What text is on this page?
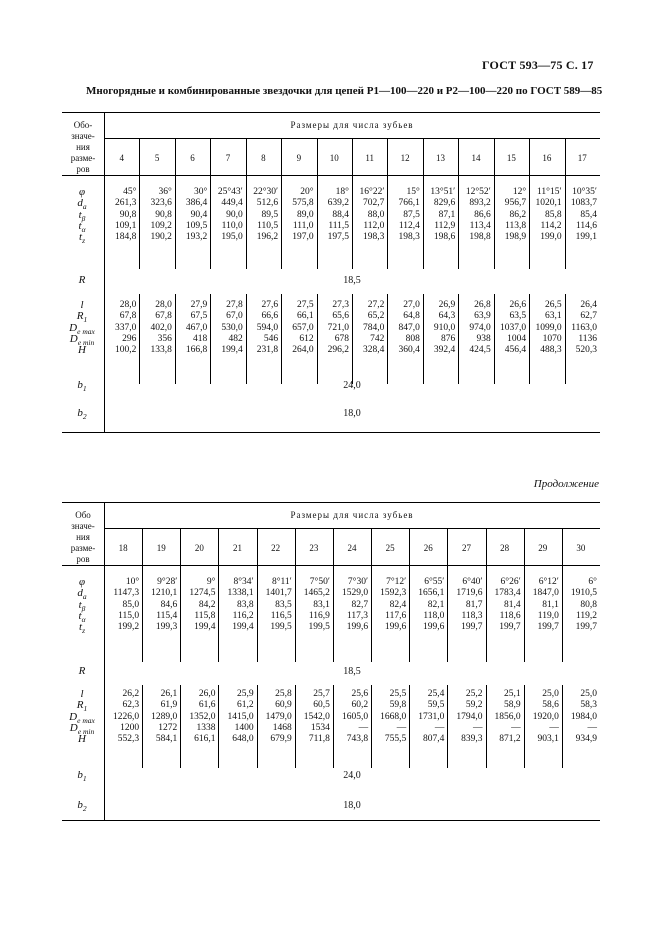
ГОСТ 593—75 С. 17
Многорядные и комбинированные звездочки для цепей Р1—100—220 и Р2—100—220 по ГОСТ 589—85
Продолжение
Обо-
значе-
ния
разме-
ров
Размеры для числа зубьев
4	5	6	7	8	9	10	11	12	13	14	15	16	17
φ	45°	36°	30°	25°43′	22°30′	20°	18°	16°22′	15°	13°51′	12°52′	12°	11°15′	10°35′
$d_a$	261,3	323,6	386,4	449,4	512,6	575,8	639,2	702,7	766,1	829,6	893,2	956,7 1020,1 1083,7
$t_\beta$	90,8	90,8	90,4	90,0	89,5	89,0	88,4	88,0	87,5	87,1	86,6	86,2	85,8	85,4
$t_\alpha$	109,1	109,2	109,5	110,0	110,5	111,0	111,5	112,0	112,4	112,9	113,4	113,8	114,2	114,6
$t_z$	184,8	190,2	193,2	195,0	196,2	197,0	197,5	198,3	198,3	198,6	198,8	198,9	199,0	199,1
R	18,5
l	28,0	28,0	27,9	27,8	27,6	27,5	27,3	27,2	27,0	26,9	26,8	26,6	26,5	26,4
$R_1$	67,8	67,8	67,5	67,0	66,6	66,1	65,6	65,2	64,8	64,3	63,9	63,5	63,1	62,7
$D_{e max}$	337,0	402,0	467,0	530,0	594,0	657,0	721,0	784,0	847,0	910,0	974,0 1037,0 1099,0	1163,0
$D_{e min}$	296	356	418	482	546	612	678	742	808	876	938	1004	1070	1136
H	100,2	133,8	166,8	199,4	231,8	264,0	296,2	328,4	360,4	392,4	424,5	456,4	488,3	520,3
$b_1$	24,0
$b_2$	18,0
Обо
значе-
ния
разме-
ров
Размеры для числа зубьев
18	19	20	21	22	23	24	25	26	27	28	29	30
φ	10°	9°28′	9°	8°34′	8°11′	7°50′	7°30′	7°12′	6°55′	6°40′	6°26′	6°12′	6°
$d_a$	1147,3	1210,1	1274,5	1338,1	1401,7	1465,2	1529,0	1592,3	1656,1	1719,6	1783,4	1847,0	1910,5
$t_\beta$	85,0	84,6	84,2	83,8	83,5	83,1	82,7	82,4	82,1	81,7	81,4	81,1	80,8
$t_\alpha$	115,0	115,4	115,8	116,2	116,5	116,9	117,3	117,6	118,0	118,3	118,6	119,0	119,2
$t_z$	199,2	199,3	199,4	199,4	199,5	199,5	199,6	199,6	199,6	199,7	199,7	199,7	199,7
R	18,5
l	26,2	26,1	26,0	25,9	25,8	25,7	25,6	25,5	25,4	25,2	25,1	25,0	25,0
$R_1$	62,3	61,9	61,6	61,2	60,9	60,5	60,2	59,8	59,5	59,2	58,9	58,6	58,3
$D_{e max}$	1226,0	1289,0	1352,0	1415,0	1479,0	1542,0	1605,0	1668,0	1731,0	1794,0	1856,0	1920,0	1984,0
$D_{e min}$	1200	1272	1338	1400	1468	1534	—	—	—	—	—	—	—
H	552,3	584,1	616,1	648,0	679,9	711,8	743,8	755,5	807,4	839,3	871,2	903,1	934,9
$b_1$	24,0
$b_2$	18,0
